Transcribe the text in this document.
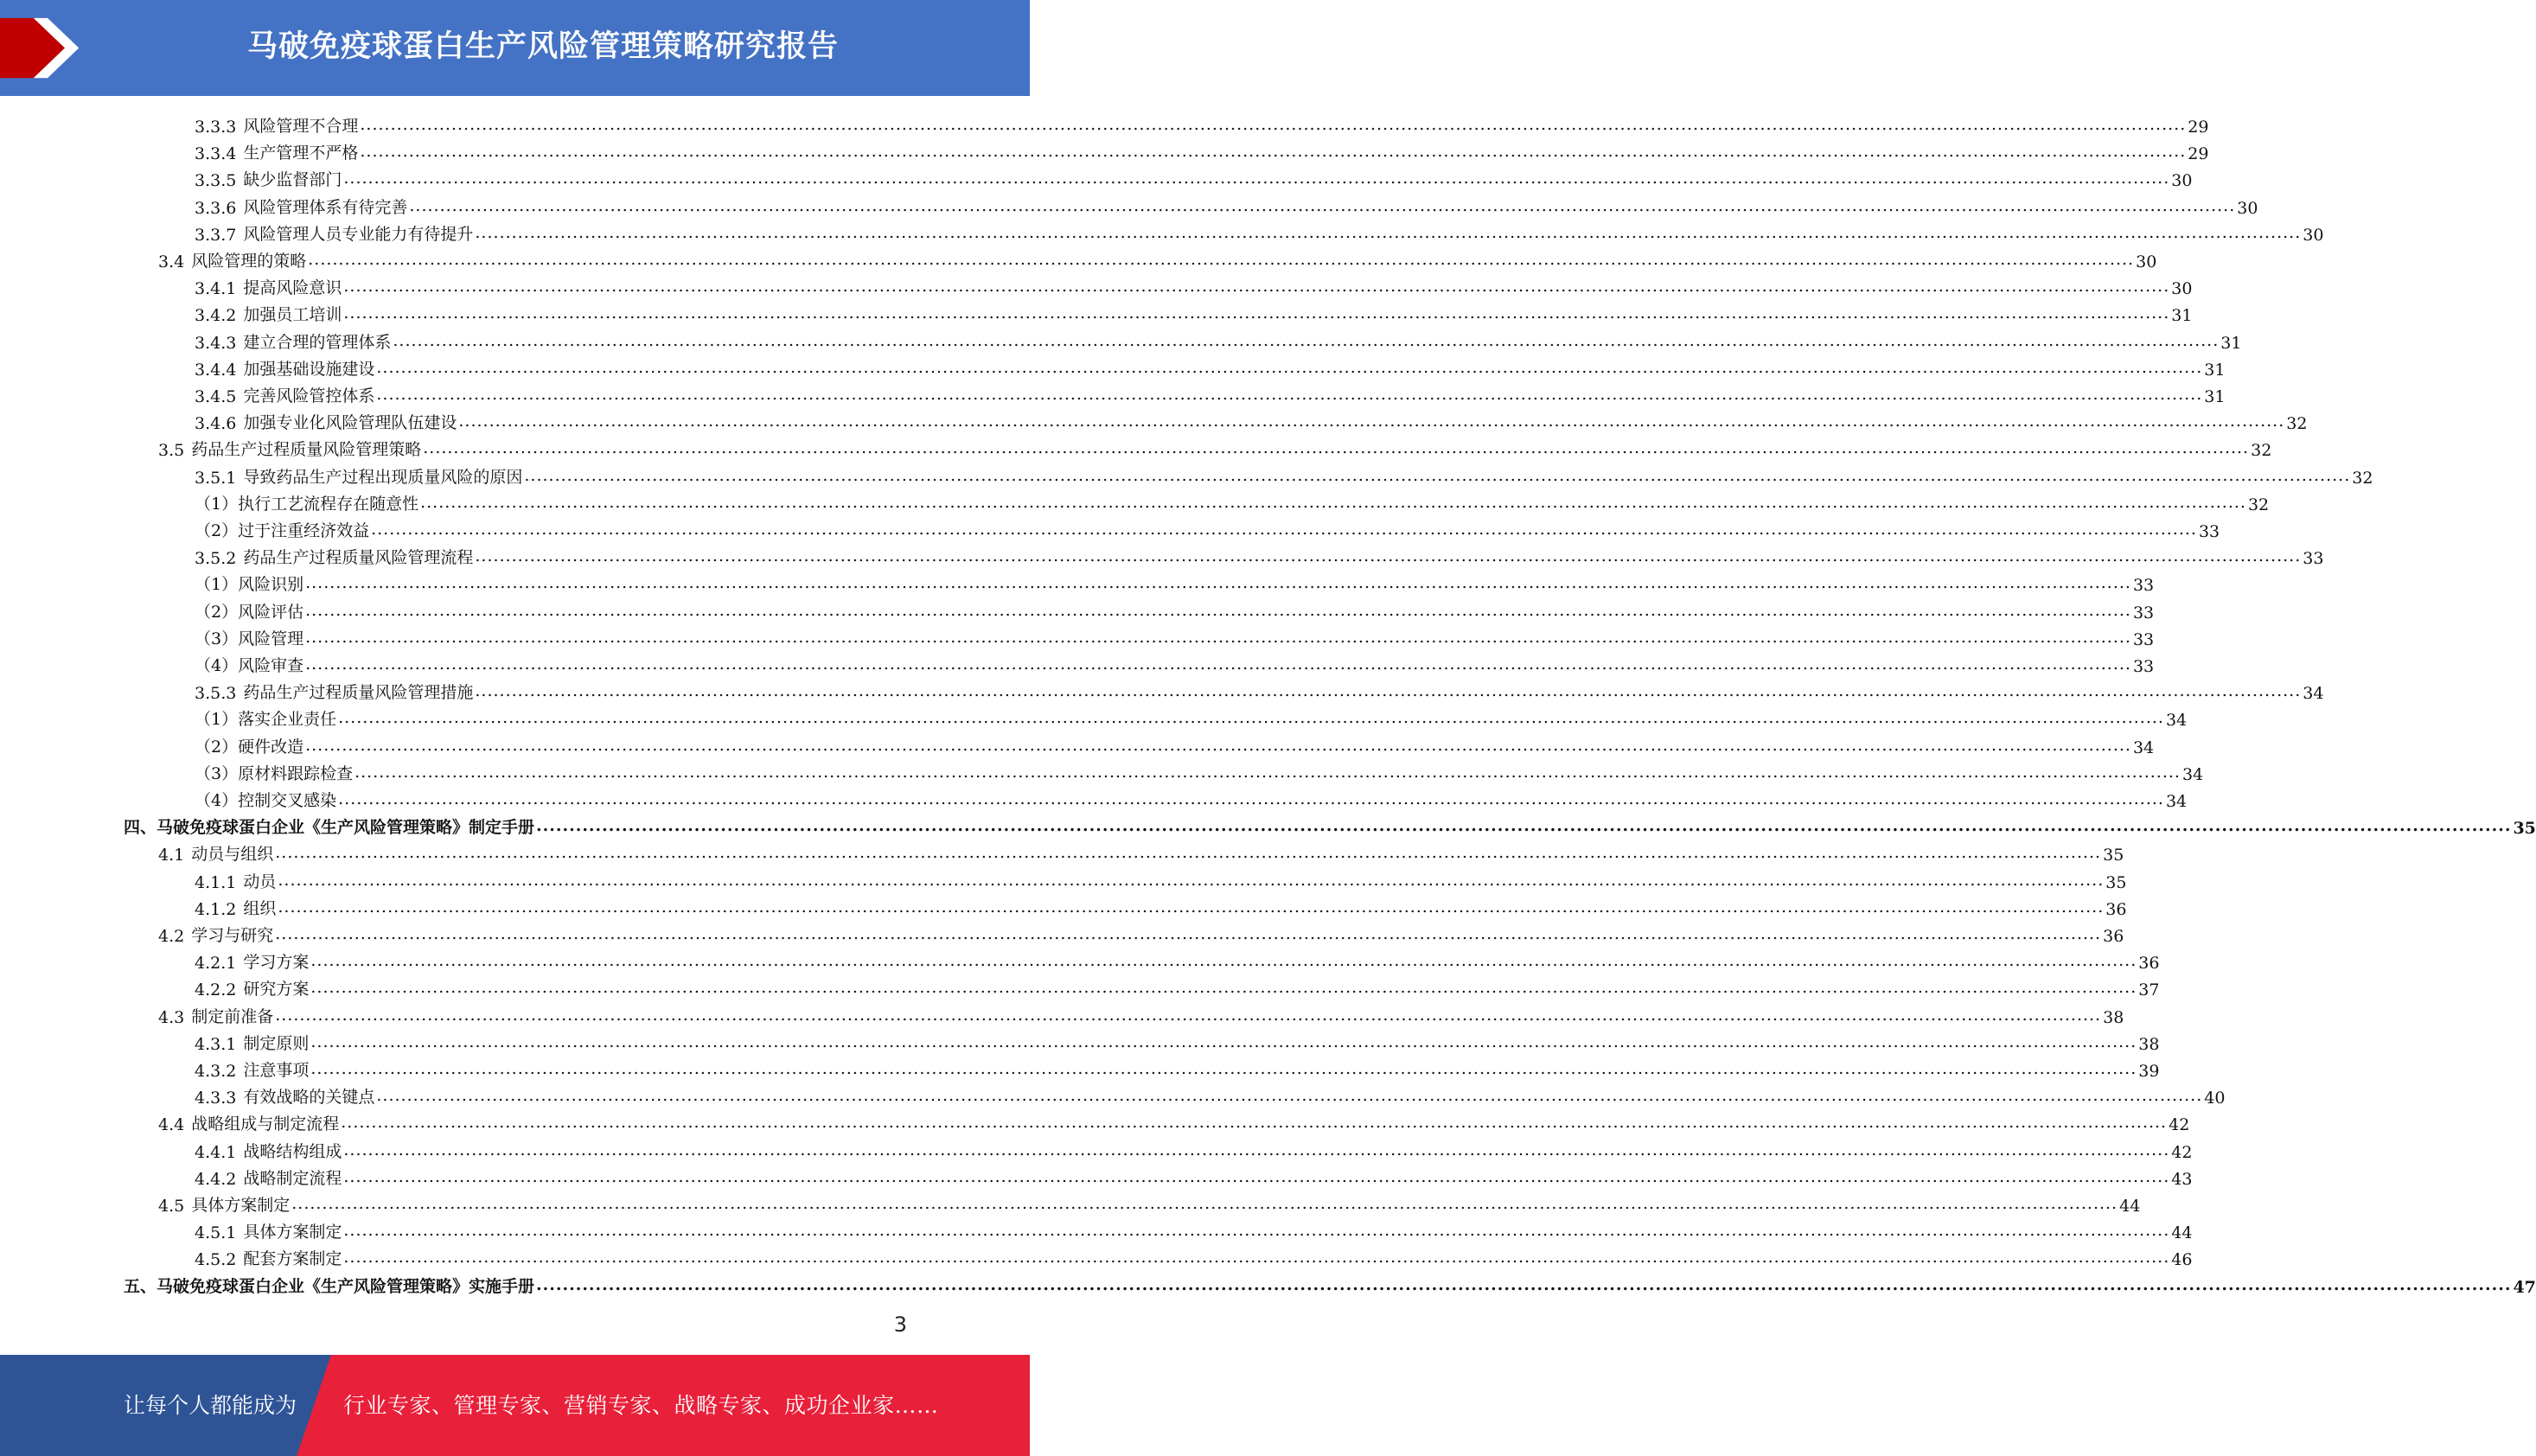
马破免疫球蛋白生产风险管理策略研究报告
3.3.3 风险管理不合理 ............................................................................................................................................................................................................................................................................................................ 29
3.3.4 生产管理不严格 ............................................................................................................................................................................................................................................................................................................ 29
3.3.5 缺少监督部门 ............................................................................................................................................................................................................................................................................................................ 30
3.3.6 风险管理体系有待完善 ............................................................................................................................................................................................................................................................................................................ 30
3.3.7 风险管理人员专业能力有待提升 ............................................................................................................................................................................................................................................................................................................ 30
3.4 风险管理的策略 ............................................................................................................................................................................................................................................................................................................ 30
3.4.1 提高风险意识 ............................................................................................................................................................................................................................................................................................................ 30
3.4.2 加强员工培训 ............................................................................................................................................................................................................................................................................................................ 31
3.4.3 建立合理的管理体系 ............................................................................................................................................................................................................................................................................................................ 31
3.4.4 加强基础设施建设 ............................................................................................................................................................................................................................................................................................................ 31
3.4.5 完善风险管控体系 ............................................................................................................................................................................................................................................................................................................ 31
3.4.6 加强专业化风险管理队伍建设 ............................................................................................................................................................................................................................................................................................................ 32
3.5 药品生产过程质量风险管理策略 ............................................................................................................................................................................................................................................................................................................ 32
3.5.1 导致药品生产过程出现质量风险的原因 ............................................................................................................................................................................................................................................................................................................ 32
（1）执行工艺流程存在随意性 ............................................................................................................................................................................................................................................................................................................ 32
（2）过于注重经济效益 ............................................................................................................................................................................................................................................................................................................ 33
3.5.2 药品生产过程质量风险管理流程 ............................................................................................................................................................................................................................................................................................................ 33
（1）风险识别 ............................................................................................................................................................................................................................................................................................................ 33
（2）风险评估 ............................................................................................................................................................................................................................................................................................................ 33
（3）风险管理 ............................................................................................................................................................................................................................................................................................................ 33
（4）风险审查 ............................................................................................................................................................................................................................................................................................................ 33
3.5.3 药品生产过程质量风险管理措施 ............................................................................................................................................................................................................................................................................................................ 34
（1）落实企业责任 ............................................................................................................................................................................................................................................................................................................ 34
（2）硬件改造 ............................................................................................................................................................................................................................................................................................................ 34
（3）原材料跟踪检查 ............................................................................................................................................................................................................................................................................................................ 34
（4）控制交叉感染 ............................................................................................................................................................................................................................................................................................................ 34
四、马破免疫球蛋白企业《生产风险管理策略》制定手册 ............................................................................................................................................................................................................................................................................................................ 35
4.1 动员与组织 ............................................................................................................................................................................................................................................................................................................ 35
4.1.1 动员 ............................................................................................................................................................................................................................................................................................................ 35
4.1.2 组织 ............................................................................................................................................................................................................................................................................................................ 36
4.2 学习与研究 ............................................................................................................................................................................................................................................................................................................ 36
4.2.1 学习方案 ............................................................................................................................................................................................................................................................................................................ 36
4.2.2 研究方案 ............................................................................................................................................................................................................................................................................................................ 37
4.3 制定前准备 ............................................................................................................................................................................................................................................................................................................ 38
4.3.1 制定原则 ............................................................................................................................................................................................................................................................................................................ 38
4.3.2 注意事项 ............................................................................................................................................................................................................................................................................................................ 39
4.3.3 有效战略的关键点 ............................................................................................................................................................................................................................................................................................................ 40
4.4 战略组成与制定流程 ............................................................................................................................................................................................................................................................................................................ 42
4.4.1 战略结构组成 ............................................................................................................................................................................................................................................................................................................ 42
4.4.2 战略制定流程 ............................................................................................................................................................................................................................................................................................................ 43
4.5 具体方案制定 ............................................................................................................................................................................................................................................................................................................ 44
4.5.1 具体方案制定 ............................................................................................................................................................................................................................................................................................................ 44
4.5.2 配套方案制定 ............................................................................................................................................................................................................................................................................................................ 46
五、马破免疫球蛋白企业《生产风险管理策略》实施手册 ............................................................................................................................................................................................................................................................................................................ 47
3
让每个人都能成为 行业专家、管理专家、营销专家、战略专家、成功企业家……
